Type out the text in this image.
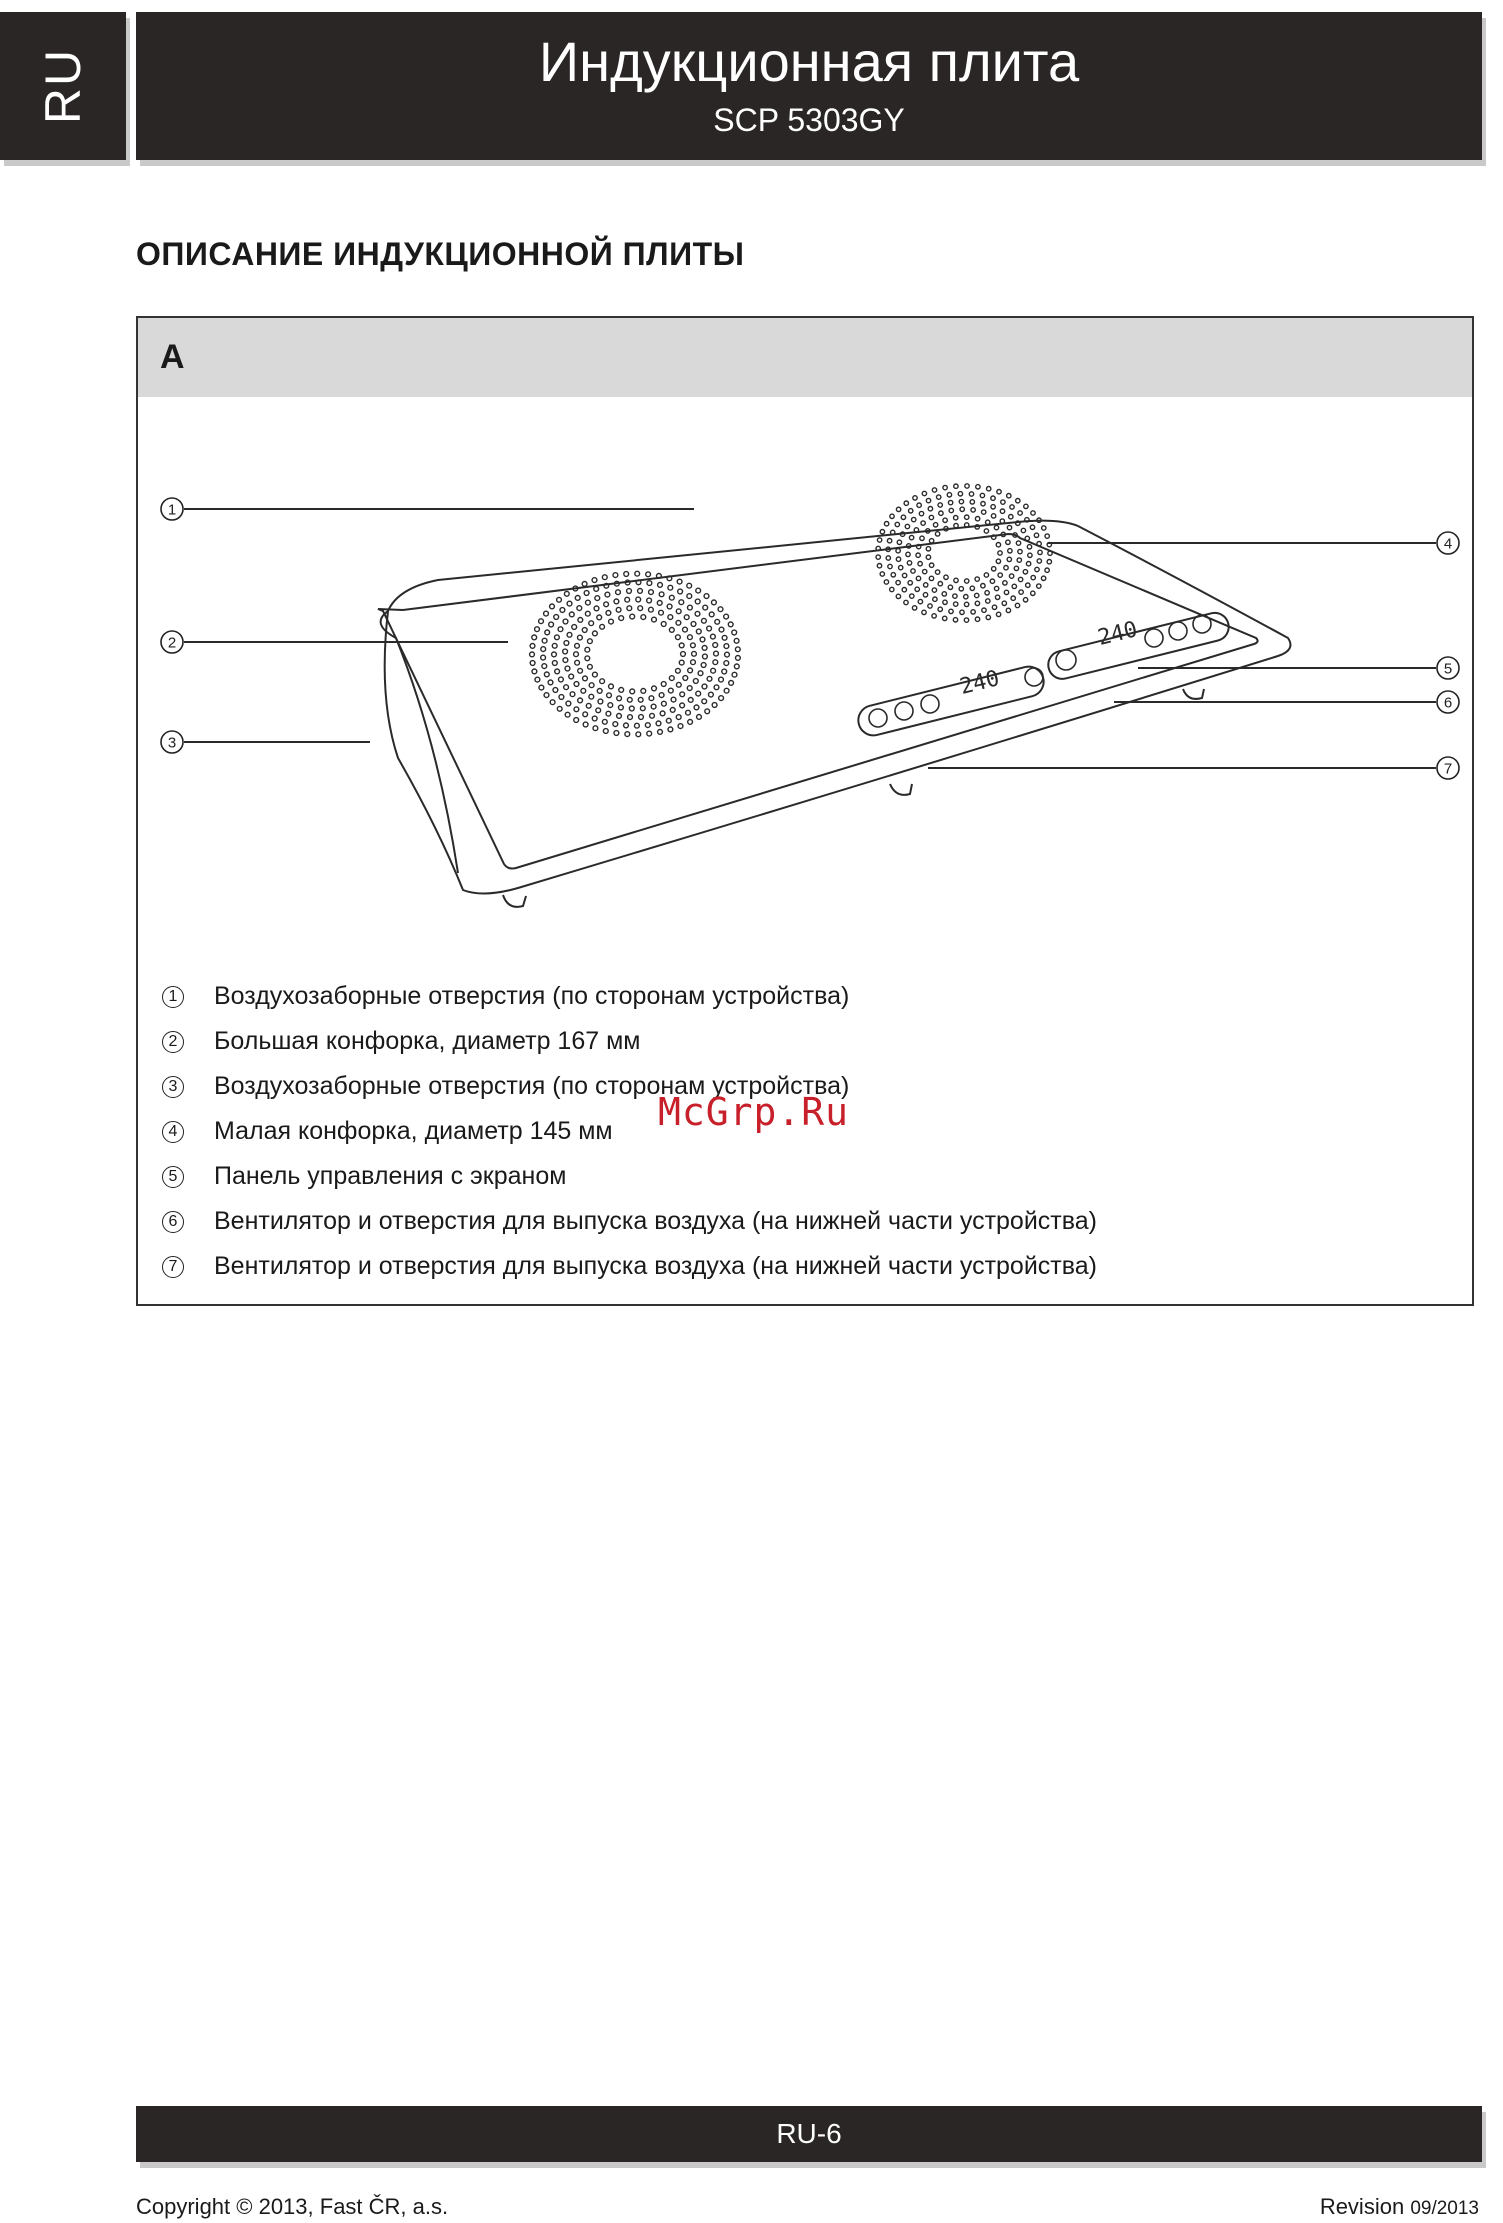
RU	Индукционная плита
SCP 5303GY
ОПИСАНИЕ ИНДУКЦИОННОЙ ПЛИТЫ
A
240
240
1
2
3
4
5
6
7
1 Воздухозаборные отверстия (по сторонам устройства)
2 Большая конфорка, диаметр 167 мм
3 Воздухозаборные отверстия (по сторонам устройства)
4 Малая конфорка, диаметр 145 мм
5 Панель управления с экраном
6 Вентилятор и отверстия для выпуска воздуха (на нижней части устройства)
7 Вентилятор и отверстия для выпуска воздуха (на нижней части устройства)
McGrp.Ru
RU-6
Copyright © 2013, Fast ČR, a.s.	Revision 09/2013
